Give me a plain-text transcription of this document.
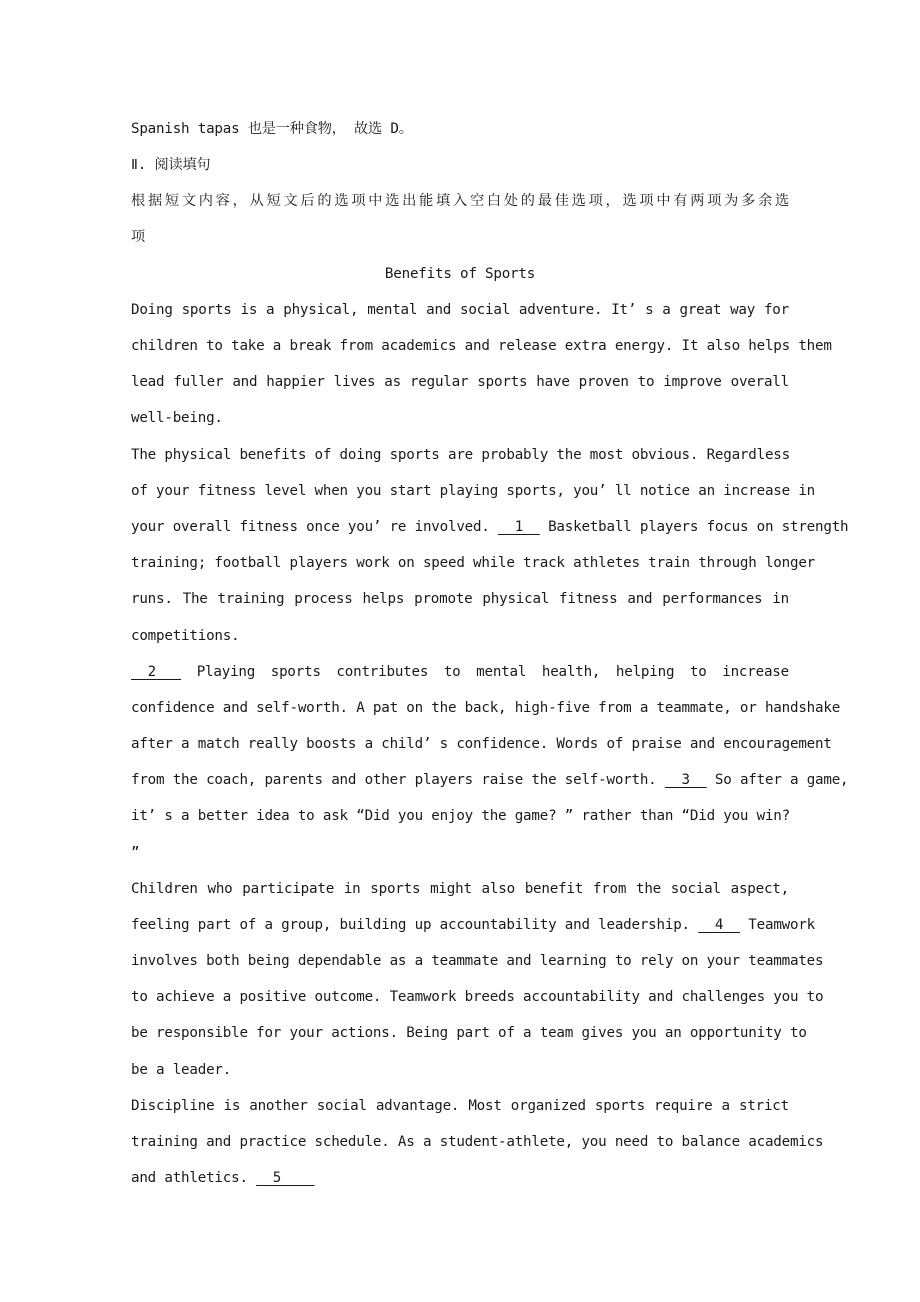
Spanish tapas 也是一种食物， 故选 D。
Ⅱ. 阅读填句
根据短文内容，从短文后的选项中选出能填入空白处的最佳选项，选项中有两项为多余选
项
Benefits of Sports
Doing sports is a physical, mental and social adventure. It’ s a great way for
children to take a break from academics and release extra energy. It also helps them
lead fuller and happier lives as regular sports have proven to improve overall
well-being.
The physical benefits of doing sports are probably the most obvious. Regardless
of your fitness level when you start playing sports, you’ ll notice an increase in
your overall fitness once you’ re involved.   1   Basketball players focus on strength
training; football players work on speed while track athletes train through longer
runs. The training process helps promote physical fitness and performances in
competitions.
2    Playing sports contributes to mental health, helping to increase
confidence and self-worth. A pat on the back, high-five from a teammate, or handshake
after a match really boosts a child’ s confidence. Words of praise and encouragement
from the coach, parents and other players raise the self-worth.   3   So after a game,
it’ s a better idea to ask “Did you enjoy the game? ” rather than “Did you win?
”
Children who participate in sports might also benefit from the social aspect,
feeling part of a group, building up accountability and leadership.   4   Teamwork
involves both being dependable as a teammate and learning to rely on your teammates
to achieve a positive outcome. Teamwork breeds accountability and challenges you to
be responsible for your actions. Being part of a team gives you an opportunity to
be a leader.
Discipline is another social advantage. Most organized sports require a strict
training and practice schedule. As a student-athlete, you need to balance academics
and athletics.   5
